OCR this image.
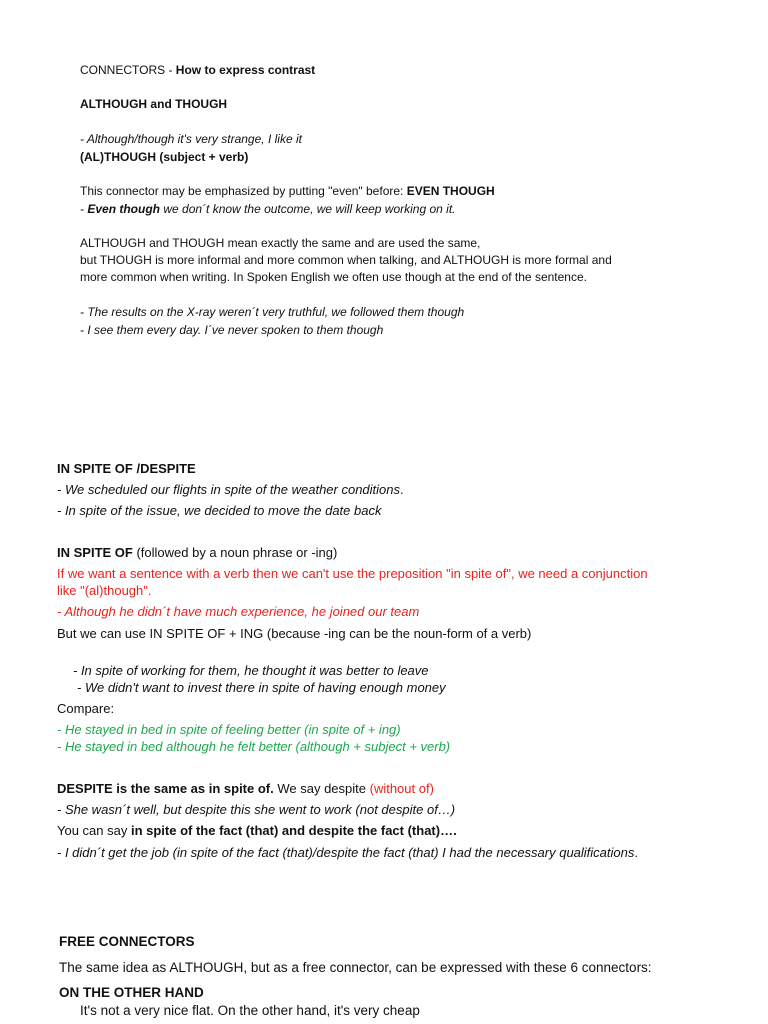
CONNECTORS - How to express contrast
ALTHOUGH and THOUGH
- Although/though it's very strange, I like it
(AL)THOUGH (subject + verb)
This connector may be emphasized by putting "even" before: EVEN THOUGH
- Even though we don´t know the outcome, we will keep working on it.
ALTHOUGH and THOUGH mean exactly the same and are used the same,
but THOUGH is more informal and more common when talking, and ALTHOUGH is more formal and
more common when writing. In Spoken English we often use though at the end of the sentence.
- The results on the X-ray weren´t very truthful, we followed them though
- I see them every day. I´ve never spoken to them though
IN SPITE OF /DESPITE
- We scheduled our flights in spite of the weather conditions.
- In spite of the issue, we decided to move the date back
IN SPITE OF (followed by a noun phrase or -ing)
If we want a sentence with a verb then we can't use the preposition "in spite of", we need a conjunction
like "(al)though".
- Although he didn´t have much experience, he joined our team
But we can use IN SPITE OF + ING (because -ing can be the noun-form of a verb)
- In spite of working for them, he thought it was better to leave
- We didn't want to invest there in spite of having enough money
Compare:
- He stayed in bed in spite of feeling better (in spite of + ing)
- He stayed in bed although he felt better (although + subject + verb)
DESPITE is the same as in spite of. We say despite (without of)
- She wasn´t well, but despite this she went to work (not despite of…)
You can say in spite of the fact (that) and despite the fact (that)….
- I didn´t get the job (in spite of the fact (that)/despite the fact (that) I had the necessary qualifications.
FREE CONNECTORS
The same idea as ALTHOUGH, but as a free connector, can be expressed with these 6 connectors:
ON THE OTHER HAND
It's not a very nice flat. On the other hand, it's very cheap
